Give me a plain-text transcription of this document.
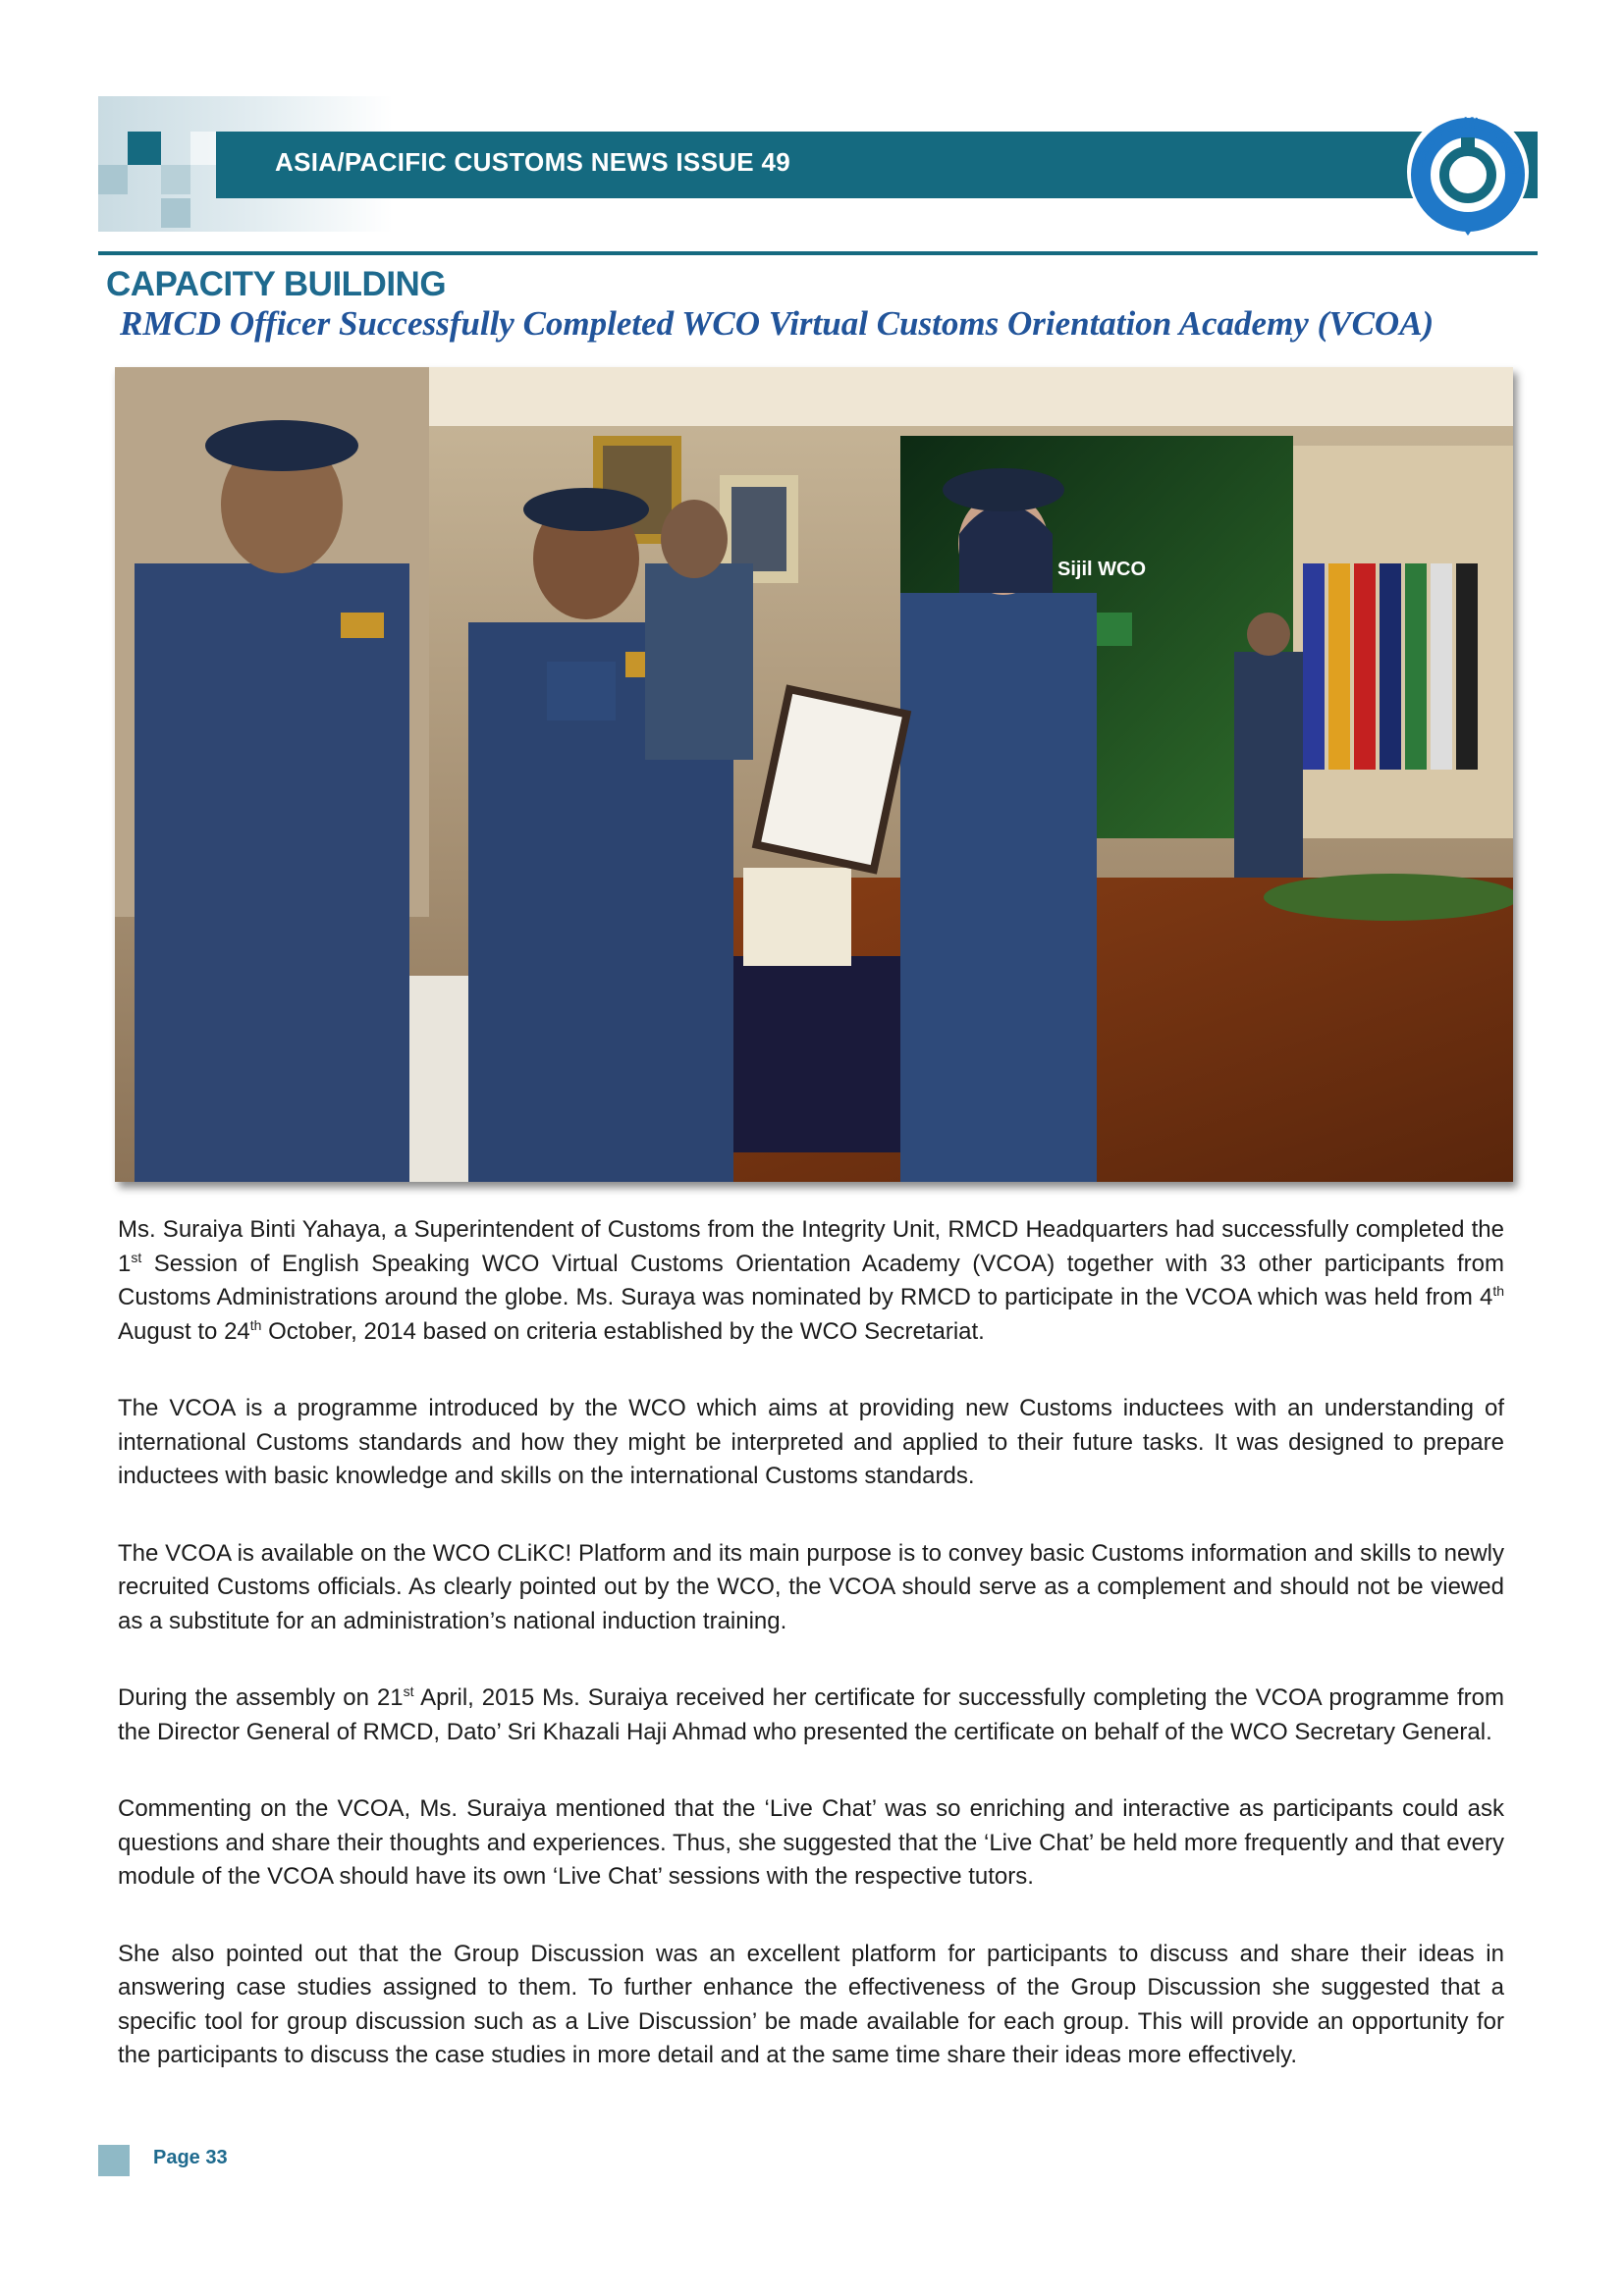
ASIA/PACIFIC CUSTOMS NEWS ISSUE 49	Asia Pacific Region
CAPACITY BUILDING
RMCD Officer Successfully Completed WCO Virtual Customs Orientation Academy (VCOA)
Sijil WCO

Ms. Suraiya Binti Yahaya, a Superintendent of Customs from the Integrity Unit, RMCD Headquarters had successfully completed the 1st Session of English Speaking WCO Virtual Customs Orientation Academy (VCOA) together with 33 other participants from Customs Administrations around the globe. Ms. Suraya was nominated by RMCD to participate in the VCOA which was held from 4th August to 24th October, 2014 based on criteria established by the WCO Secretariat.

The VCOA is a programme introduced by the WCO which aims at providing new Customs inductees with an understanding of international Customs standards and how they might be interpreted and applied to their future tasks. It was designed to prepare inductees with basic knowledge and skills on the international Customs standards.

The VCOA is available on the WCO CLiKC! Platform and its main purpose is to convey basic Customs information and skills to newly recruited Customs officials. As clearly pointed out by the WCO, the VCOA should serve as a complement and should not be viewed as a substitute for an administration’s national induction training.

During the assembly on 21st April, 2015 Ms. Suraiya received her certificate for successfully completing the VCOA programme from the Director General of RMCD, Dato’ Sri Khazali Haji Ahmad who presented the certificate on behalf of the WCO Secretary General.

Commenting on the VCOA, Ms. Suraiya mentioned that the ‘Live Chat’ was so enriching and interactive as participants could ask questions and share their thoughts and experiences. Thus, she suggested that the ‘Live Chat’ be held more frequently and that every module of the VCOA should have its own ‘Live Chat’ sessions with the respective tutors.

She also pointed out that the Group Discussion was an excellent platform for participants to discuss and share their ideas in answering case studies assigned to them. To further enhance the effectiveness of the Group Discussion she suggested that a specific tool for group discussion such as a Live Discussion’ be made available for each group. This will provide an opportunity for the participants to discuss the case studies in more detail and at the same time share their ideas more effectively.

Page 33
